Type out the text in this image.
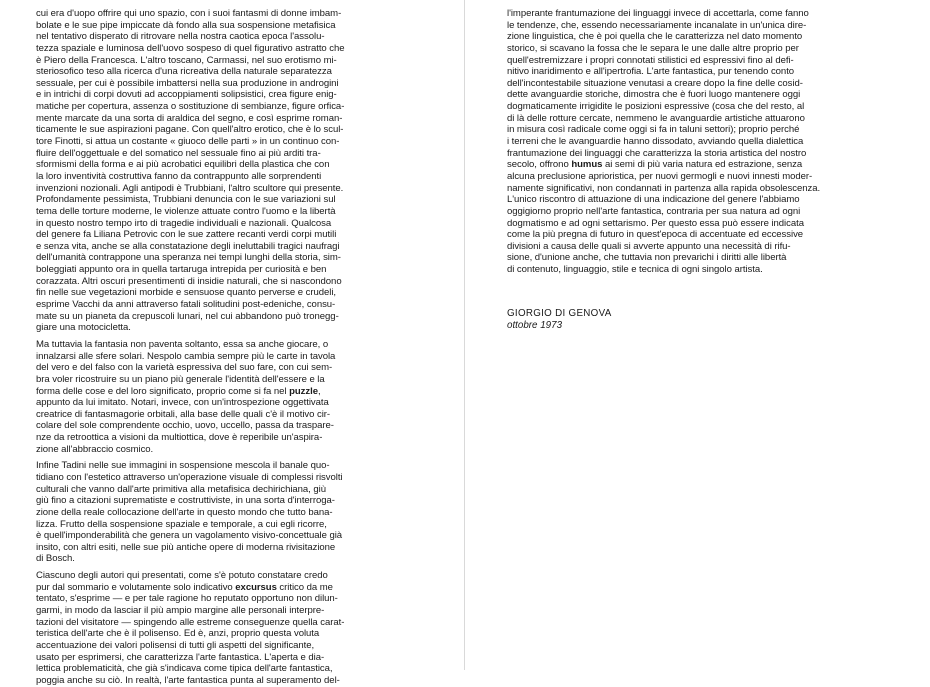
cui era d'uopo offrire qui uno spazio, con i suoi fantasmi di donne imbam-
bolate e le sue pipe impiccate dà fondo alla sua sospensione metafisica
nel tentativo disperato di ritrovare nella nostra caotica epoca l'assolu-
tezza spaziale e luminosa dell'uovo sospeso di quel figurativo astratto che
è Piero della Francesca. L'altro toscano, Carmassi, nel suo erotismo mi-
steriosofico teso alla ricerca d'una ricreativa della naturale separatezza
sessuale, per cui è possibile imbattersi nella sua produzione in androgini
e in intrichi di corpi dovuti ad accoppiamenti solipsistici, crea figure enig-
matiche per copertura, assenza o sostituzione di sembianze, figure orfica-
mente marcate da una sorta di araldica del segno, e così esprime roman-
ticamente le sue aspirazioni pagane. Con quell'altro erotico, che è lo scul-
tore Finotti, si attua un costante « giuoco delle parti » in un continuo con-
fluire dell'oggettuale e del somatico nel sessuale fino ai più arditi tra-
sformismi della forma e ai più acrobatici equilibri della plastica che con
la loro inventività costruttiva fanno da contrappunto alle sorprendenti
invenzioni nozionali. Agli antipodi è Trubbiani, l'altro scultore qui presente.
Profondamente pessimista, Trubbiani denuncia con le sue variazioni sul
tema delle torture moderne, le violenze attuate contro l'uomo e la libertà
in questo nostro tempo irto di tragedie individuali e nazionali. Qualcosa
del genere fa Liliana Petrovic con le sue zattere recanti verdi corpi mutili
e senza vita, anche se alla constatazione degli ineluttabili tragici naufragi
dell'umanità contrappone una speranza nei tempi lunghi della storia, sim-
boleggiati appunto ora in quella tartaruga intrepida per curiosità e ben
corazzata. Altri oscuri presentimenti di insidie naturali, che si nascondono
fin nelle sue vegetazioni morbide e sensuose quanto perverse e crudeli,
esprime Vacchi da anni attraverso fatali solitudini post-edeniche, consu-
mate su un pianeta da crepuscoli lunari, nel cui abbandono può tronegg-
giare una motocicletta.
Ma tuttavia la fantasia non paventa soltanto, essa sa anche giocare, o
innalzarsi alle sfere solari. Nespolo cambia sempre più le carte in tavola
del vero e del falso con la varietà espressiva del suo fare, con cui sem-
bra voler ricostruire su un piano più generale l'identità dell'essere e la
forma delle cose e del loro significato, proprio come si fa nel puzzle,
appunto da lui imitato. Notari, invece, con un'introspezione oggettivata
creatrice di fantasmagorie orbitali, alla base delle quali c'è il motivo cir-
colare del sole comprendente occhio, uovo, uccello, passa da traspare-
nze da retroottica a visioni da multiottica, dove è reperibile un'aspira-
zione all'abbraccio cosmico.
Infine Tadini nelle sue immagini in sospensione mescola il banale quo-
tidiano con l'estetico attraverso un'operazione visuale di complessi risvolti
culturali che vanno dall'arte primitiva alla metafisica dechirichiana, giù
giù fino a citazioni suprematiste e costruttiviste, in una sorta d'interroga-
zione della reale collocazione dell'arte in questo mondo che tutto bana-
lizza. Frutto della sospensione spaziale e temporale, a cui egli ricorre,
è quell'imponderabilità che genera un vagolamento visivo-concettuale già
insito, con altri esiti, nelle sue più antiche opere di moderna rivisitazione
di Bosch.
Ciascuno degli autori qui presentati, come s'è potuto constatare credo
pur dal sommario e volutamente solo indicativo excursus critico da me
tentato, s'esprime — e per tale ragione ho reputato opportuno non dilun-
garmi, in modo da lasciar il più ampio margine alle personali interpre-
tazioni del visitatore — spingendo alle estreme conseguenze quella carat-
teristica dell'arte che è il polisenso. Ed è, anzi, proprio questa voluta
accentuazione dei valori polisensi di tutti gli aspetti del significante,
usato per esprimersi, che caratterizza l'arte fantastica. L'aperta e dia-
lettica problematicità, che già s'indicava come tipica dell'arte fantastica,
poggia anche su ciò. In realtà, l'arte fantastica punta al superamento del-
l'imperante frantumazione dei linguaggi invece di accettarla, come fanno
le tendenze, che, essendo necessariamente incanalate in un'unica dire-
zione linguistica, che è poi quella che le caratterizza nel dato momento
storico, si scavano la fossa che le separa le une dalle altre proprio per
quell'estremizzare i propri connotati stilistici ed espressivi fino al defi-
nitivo inaridimento e all'ipertrofia. L'arte fantastica, pur tenendo conto
dell'incontestabile situazione venutasi a creare dopo la fine delle cosid-
dette avanguardie storiche, dimostra che è fuori luogo mantenere oggi
dogmaticamente irrigidite le posizioni espressive (cosa che del resto, al
di là delle rotture cercate, nemmeno le avanguardie artistiche attuarono
in misura così radicale come oggi si fa in taluni settori); proprio perché
i terreni che le avanguardie hanno dissodato, avviando quella dialettica
frantumazione dei linguaggi che caratterizza la storia artistica del nostro
secolo, offrono humus ai semi di più varia natura ed estrazione, senza
alcuna preclusione aprioristica, per nuovi germogli e nuovi innesti moder-
namente significativi, non condannati in partenza alla rapida obsolescenza.
L'unico riscontro di attuazione di una indicazione del genere l'abbiamo
oggigiorno proprio nell'arte fantastica, contraria per sua natura ad ogni
dogmatismo e ad ogni settarismo. Per questo essa può essere indicata
come la più pregna di futuro in quest'epoca di accentuate ed eccessive
divisioni a causa delle quali si avverte appunto una necessità di rifu-
sione, d'unione anche, che tuttavia non prevarichi i diritti alle libertà
di contenuto, linguaggio, stile e tecnica di ogni singolo artista.
GIORGIO DI GENOVA
ottobre 1973
